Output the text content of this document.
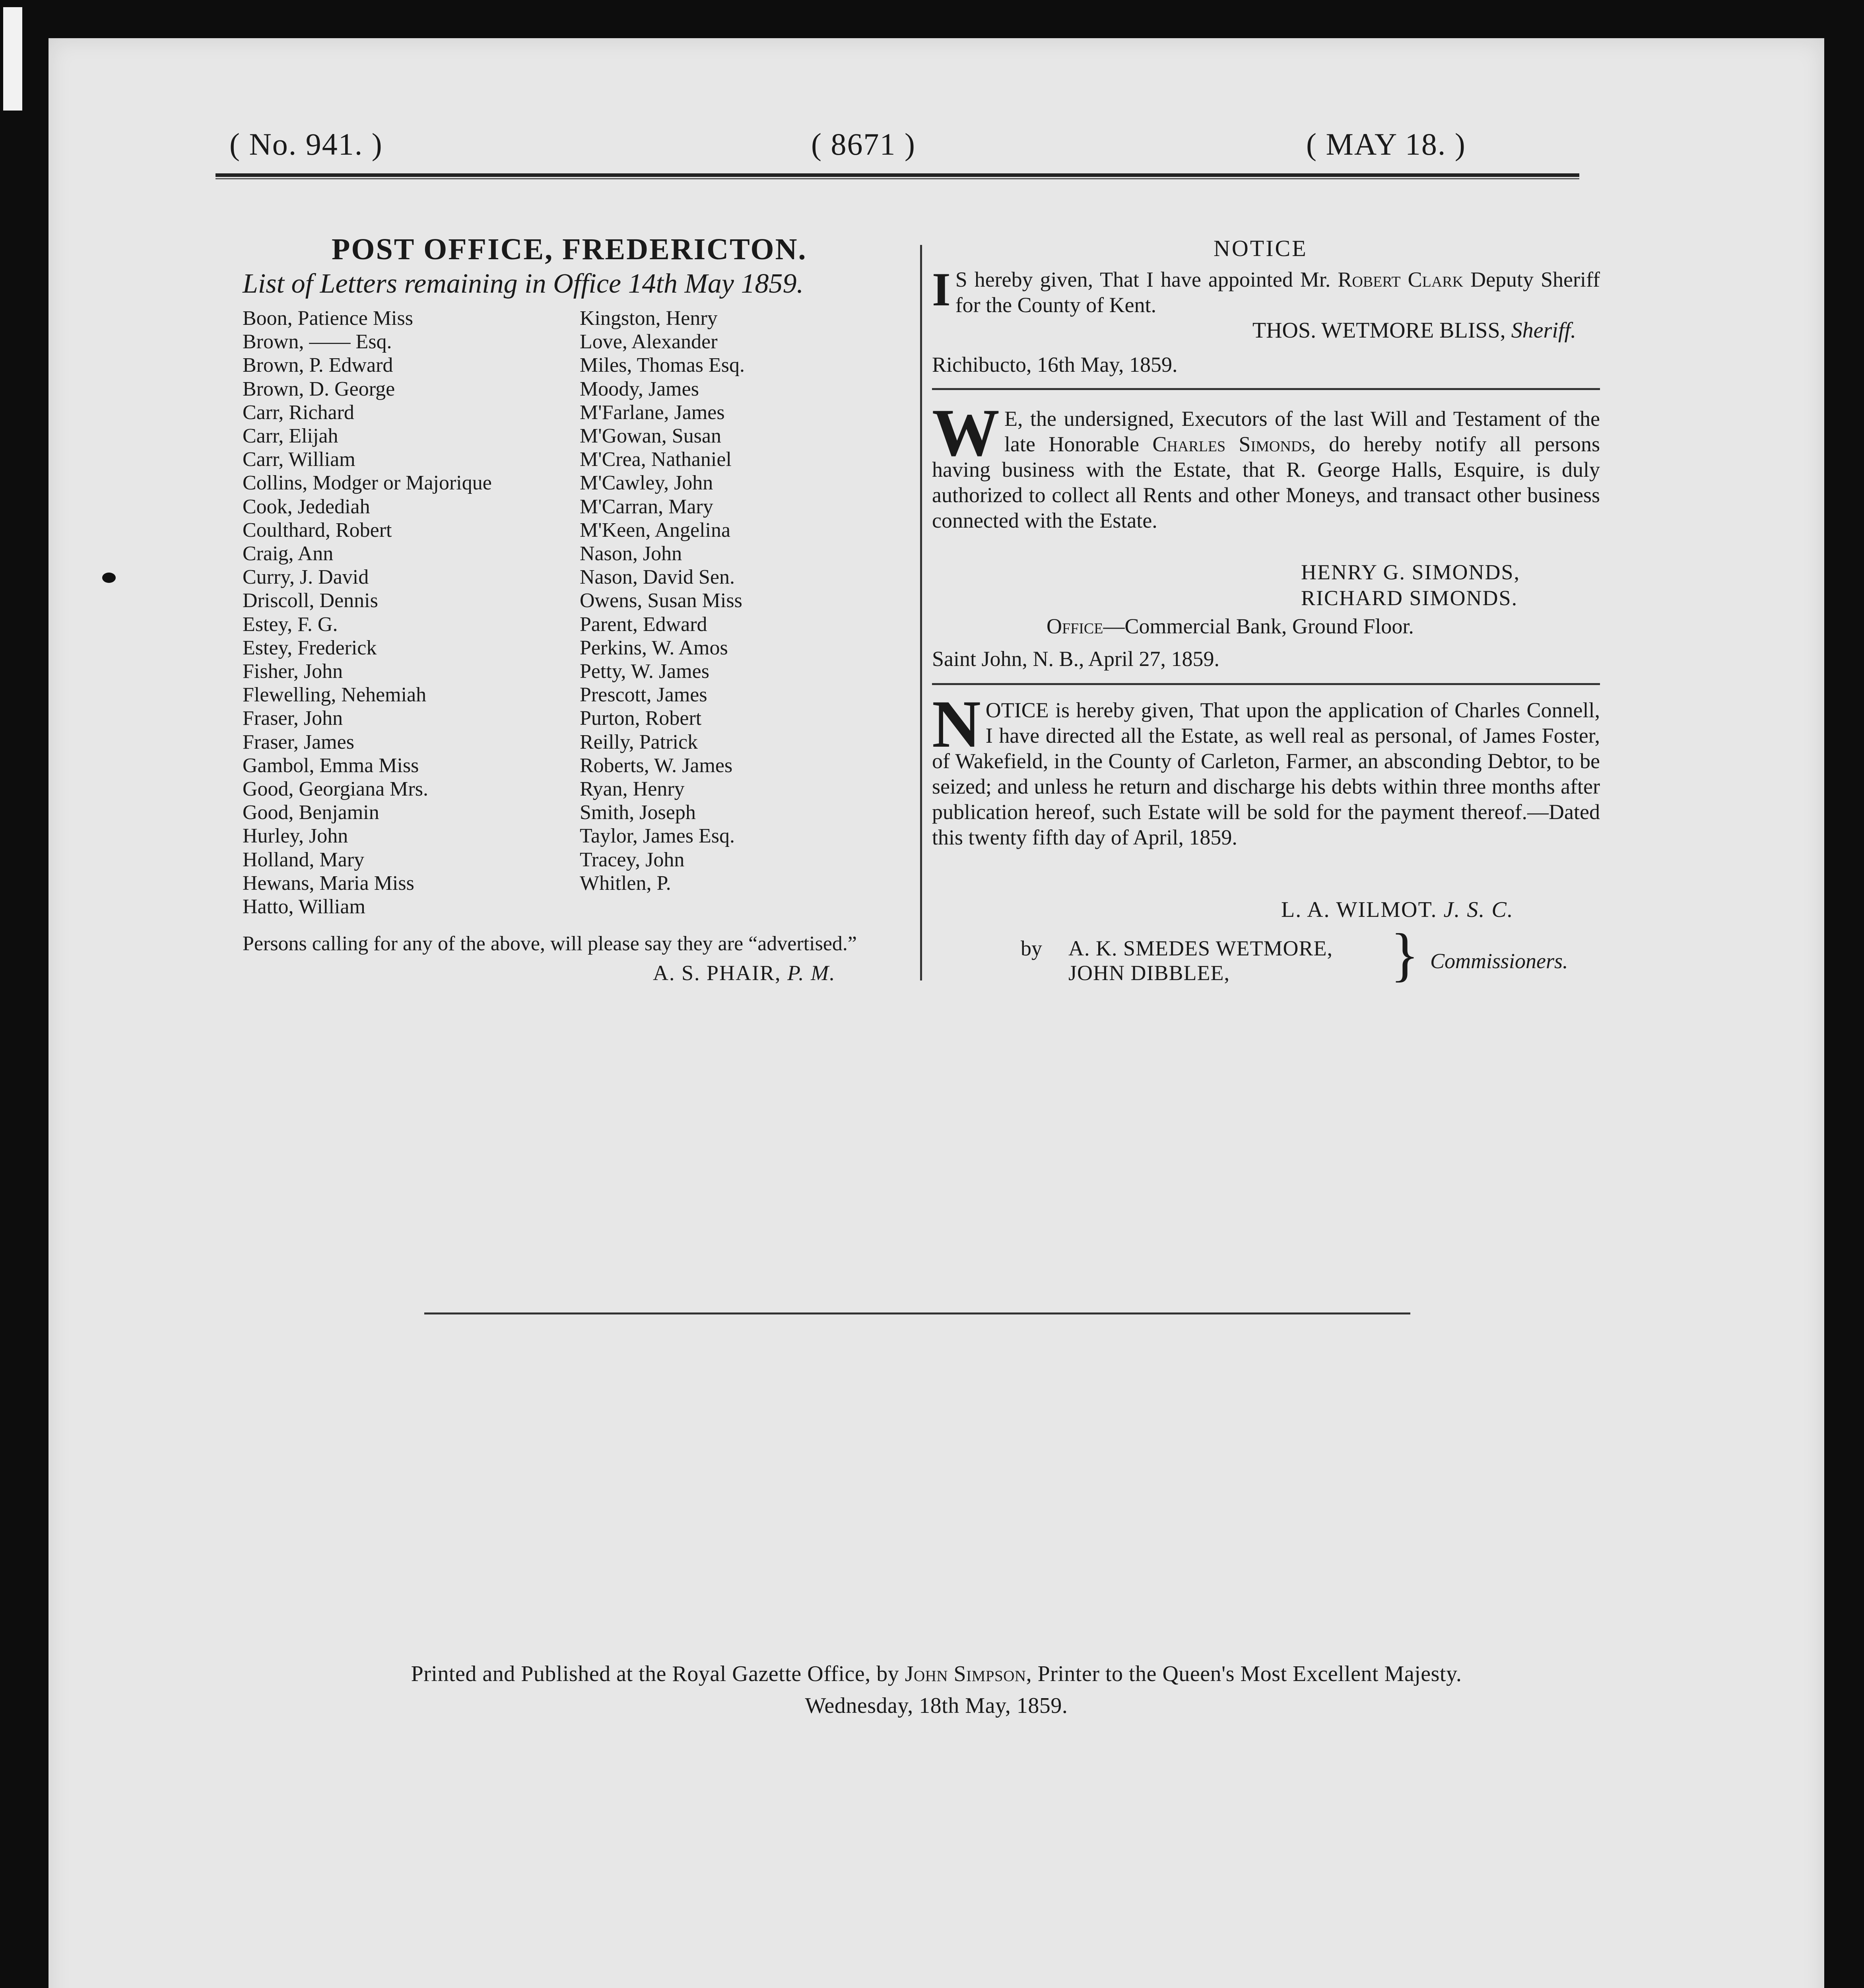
( No. 941. )	( 8671 )	( MAY 18. )
POST OFFICE, FREDERICTON.
List of Letters remaining in Office 14th May 1859.
Boon, Patience Miss
Brown, —— Esq.
Brown, P. Edward
Brown, D. George
Carr, Richard
Carr, Elijah
Carr, William
Collins, Modger or Majorique
Cook, Jedediah
Coulthard, Robert
Craig, Ann
Curry, J. David
Driscoll, Dennis
Estey, F. G.
Estey, Frederick
Fisher, John
Flewelling, Nehemiah
Fraser, John
Fraser, James
Gambol, Emma Miss
Good, Georgiana Mrs.
Good, Benjamin
Hurley, John
Holland, Mary
Hewans, Maria Miss
Hatto, William
Kingston, Henry
Love, Alexander
Miles, Thomas Esq.
Moody, James
M'Farlane, James
M'Gowan, Susan
M'Crea, Nathaniel
M'Cawley, John
M'Carran, Mary
M'Keen, Angelina
Nason, John
Nason, David Sen.
Owens, Susan Miss
Parent, Edward
Perkins, W. Amos
Petty, W. James
Prescott, James
Purton, Robert
Reilly, Patrick
Roberts, W. James
Ryan, Henry
Smith, Joseph
Taylor, James Esq.
Tracey, John
Whitlen, P.
Persons calling for any of the above, will please say they are “advertised.”
A. S. PHAIR, P. M.
NOTICE
I S hereby given, That I have appointed Mr. Robert Clark Deputy Sheriff for the County of Kent.
THOS. WETMORE BLISS, Sheriff.
Richibucto, 16th May, 1859.
W E, the undersigned, Executors of the last Will and Testament of the late Honorable Charles Simonds, do hereby notify all persons having business with the Estate, that R. George Halls, Esquire, is duly authorized to collect all Rents and other Moneys, and transact other business connected with the Estate.
HENRY G. SIMONDS,
RICHARD SIMONDS.
Office—Commercial Bank, Ground Floor.
Saint John, N. B., April 27, 1859.
NOTICE is hereby given, That upon the application of Charles Connell, I have directed all the Estate, as well real as personal, of James Foster, of Wakefield, in the County of Carleton, Farmer, an absconding Debtor, to be seized; and unless he return and discharge his debts within three months after publication hereof, such Estate will be sold for the payment thereof.—Dated this twenty fifth day of April, 1859.
L. A. WILMOT. J. S. C.
by A. K. SMEDES WETMORE,
JOHN DIBBLEE,	} Commissioners.
Printed and Published at the Royal Gazette Office, by John Simpson, Printer to the Queen's Most Excellent Majesty.
Wednesday, 18th May, 1859.
